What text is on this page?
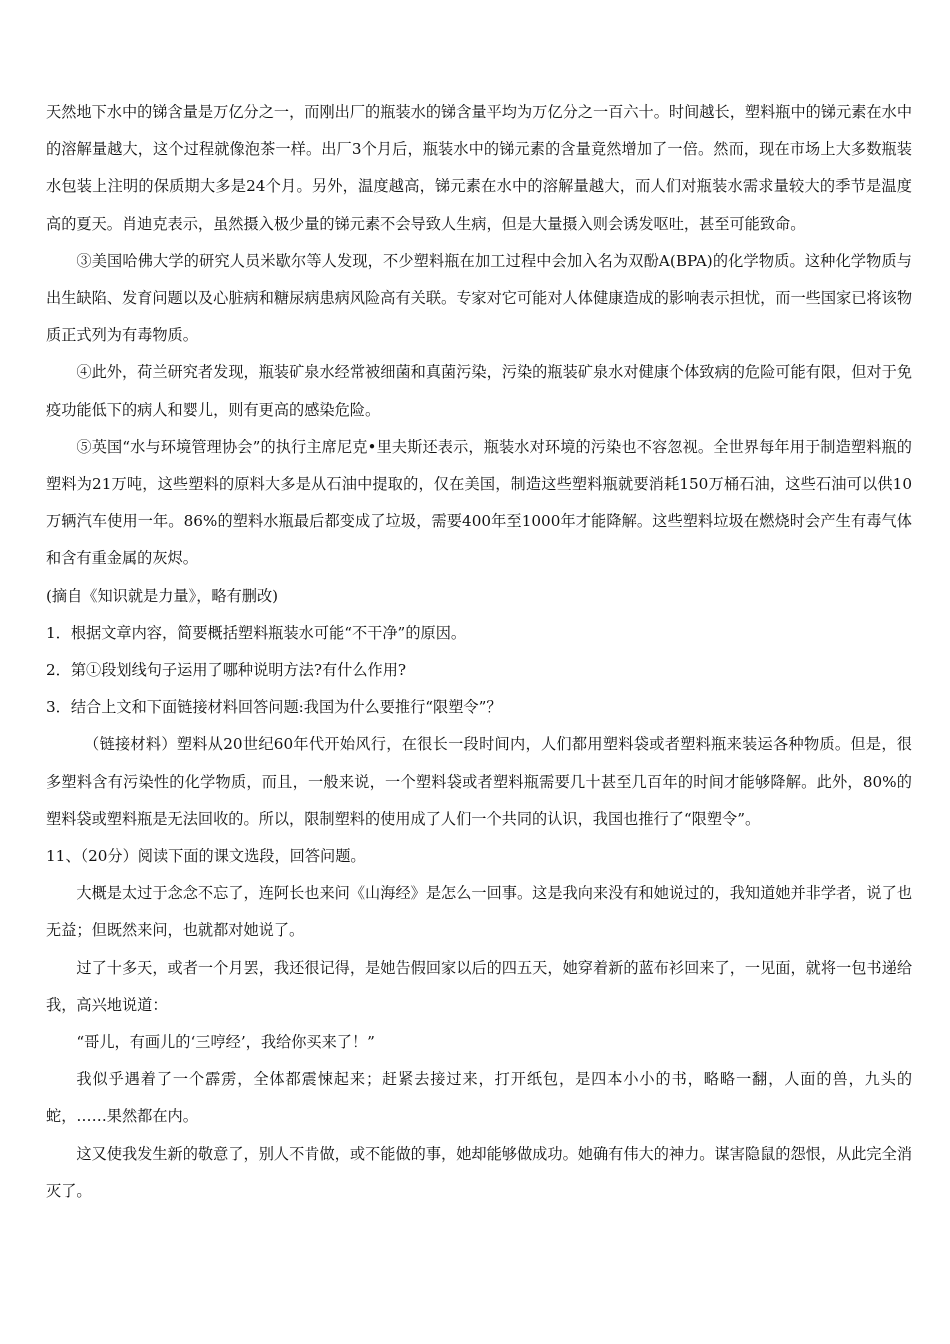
天然地下水中的锑含量是万亿分之一，而刚出厂的瓶装水的锑含量平均为万亿分之一百六十。时间越长，塑料瓶中的锑元素在水中的溶解量越大，这个过程就像泡茶一样。出厂3个月后，瓶装水中的锑元素的含量竟然增加了一倍。然而，现在市场上大多数瓶装水包装上注明的保质期大多是24个月。另外，温度越高，锑元素在水中的溶解量越大，而人们对瓶装水需求量较大的季节是温度高的夏天。肖迪克表示，虽然摄入极少量的锑元素不会导致人生病，但是大量摄入则会诱发呕吐，甚至可能致命。

③美国哈佛大学的研究人员米歇尔等人发现，不少塑料瓶在加工过程中会加入名为双酚A(BPA)的化学物质。这种化学物质与出生缺陷、发育问题以及心脏病和糖尿病患病风险高有关联。专家对它可能对人体健康造成的影响表示担忧，而一些国家已将该物质正式列为有毒物质。

④此外，荷兰研究者发现，瓶装矿泉水经常被细菌和真菌污染，污染的瓶装矿泉水对健康个体致病的危险可能有限，但对于免疫功能低下的病人和婴儿，则有更高的感染危险。

⑤英国“水与环境管理协会”的执行主席尼克•里夫斯还表示，瓶装水对环境的污染也不容忽视。全世界每年用于制造塑料瓶的塑料为21万吨，这些塑料的原料大多是从石油中提取的，仅在美国，制造这些塑料瓶就要消耗150万桶石油，这些石油可以供10万辆汽车使用一年。86%的塑料水瓶最后都变成了垃圾，需要400年至1000年才能降解。这些塑料垃圾在燃烧时会产生有毒气体和含有重金属的灰烬。

(摘自《知识就是力量》，略有删改)

1．根据文章内容，简要概括塑料瓶装水可能“不干净”的原因。

2．第①段划线句子运用了哪种说明方法?有什么作用?

3．结合上文和下面链接材料回答问题:我国为什么要推行“限塑令”？

（链接材料）塑料从20世纪60年代开始风行，在很长一段时间内，人们都用塑料袋或者塑料瓶来装运各种物质。但是，很多塑料含有污染性的化学物质，而且，一般来说，一个塑料袋或者塑料瓶需要几十甚至几百年的时间才能够降解。此外，80%的塑料袋或塑料瓶是无法回收的。所以，限制塑料的使用成了人们一个共同的认识，我国也推行了“限塑令”。

11、（20分）阅读下面的课文选段，回答问题。

大概是太过于念念不忘了，连阿长也来问《山海经》是怎么一回事。这是我向来没有和她说过的，我知道她并非学者，说了也无益；但既然来问，也就都对她说了。

过了十多天，或者一个月罢，我还很记得，是她告假回家以后的四五天，她穿着新的蓝布衫回来了，一见面，就将一包书递给我，高兴地说道：

“哥儿，有画儿的‘三哼经’，我给你买来了！”

我似乎遇着了一个霹雳，全体都震悚起来；赶紧去接过来，打开纸包，是四本小小的书，略略一翻，人面的兽，九头的蛇，……果然都在内。

这又使我发生新的敬意了，别人不肯做，或不能做的事，她却能够做成功。她确有伟大的神力。谋害隐鼠的怨恨，从此完全消灭了。
